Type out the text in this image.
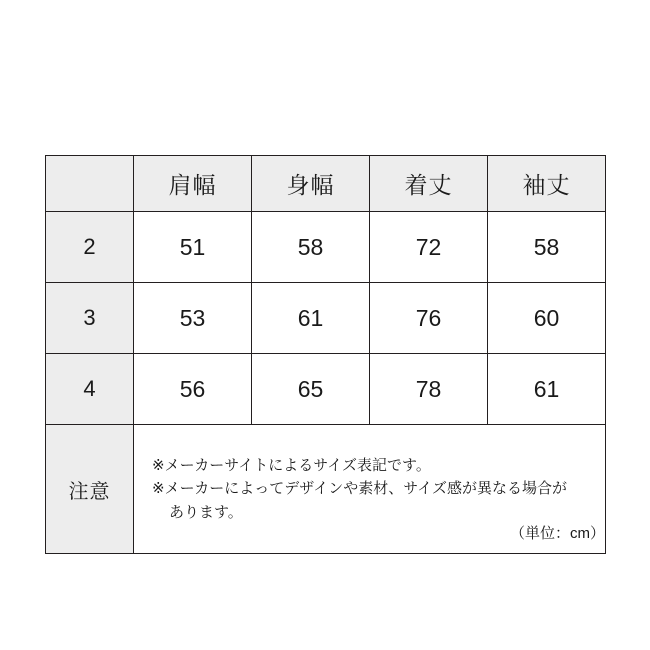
	肩幅	身幅	着丈	袖丈
2	51	58	72	58
3	53	61	76	60
4	56	65	78	61
注意	※メーカーサイトによるサイズ表記です。
※メーカーによってデザインや素材、サイズ感が異なる場合が
あります。			
（単位：cm）
